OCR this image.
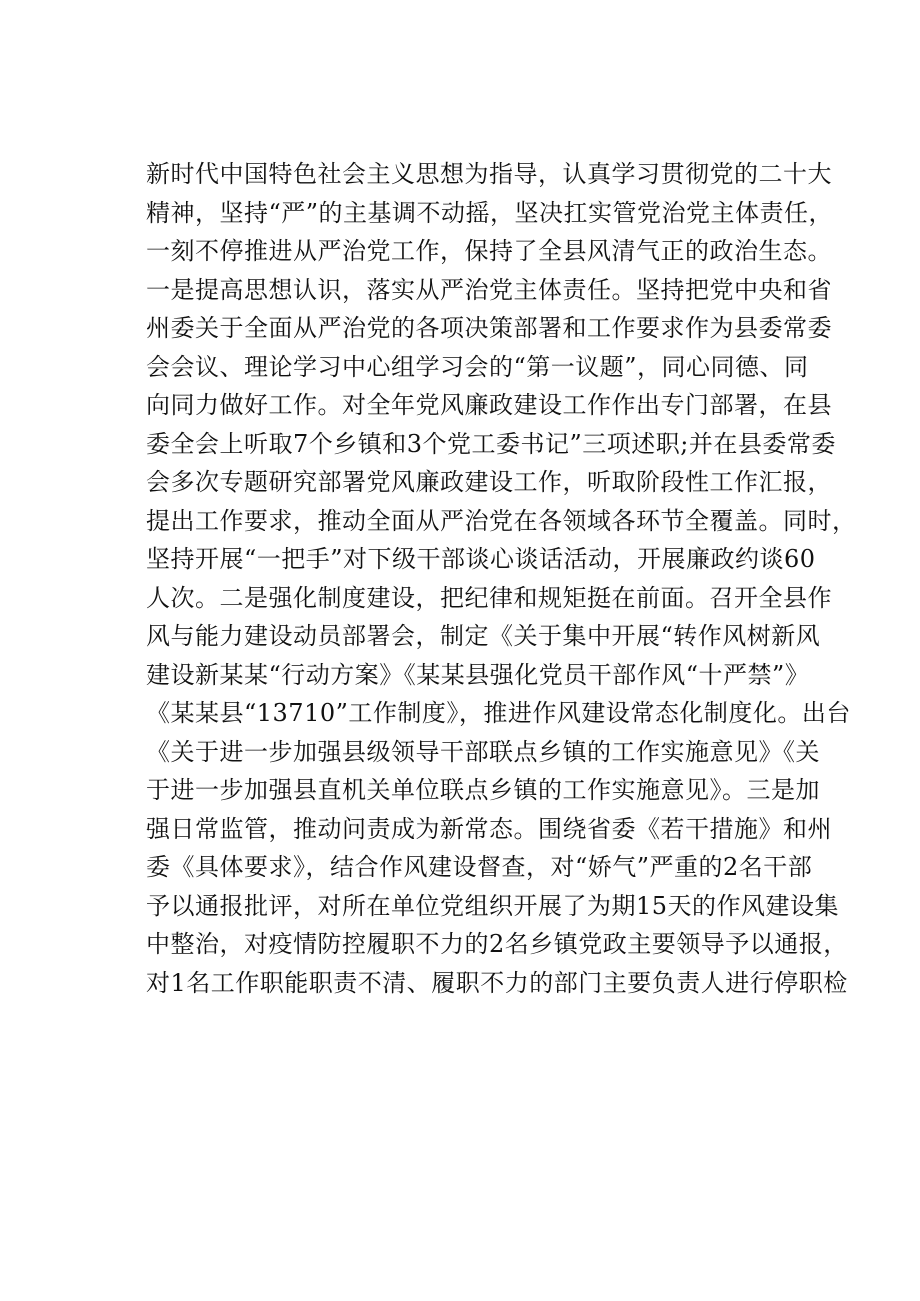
新时代中国特色社会主义思想为指导，认真学习贯彻党的二十大
精神，坚持“严”的主基调不动摇，坚决扛实管党治党主体责任，
一刻不停推进从严治党工作，保持了全县风清气正的政治生态。
一是提高思想认识，落实从严治党主体责任。坚持把党中央和省
州委关于全面从严治党的各项决策部署和工作要求作为县委常委
会会议、理论学习中心组学习会的“第一议题”，同心同德、同
向同力做好工作。对全年党风廉政建设工作作出专门部署，在县
委全会上听取7个乡镇和3个党工委书记”三项述职;并在县委常委
会多次专题研究部署党风廉政建设工作，听取阶段性工作汇报，
提出工作要求，推动全面从严治党在各领域各环节全覆盖。同时，
坚持开展“一把手”对下级干部谈心谈话活动，开展廉政约谈60
人次。二是强化制度建设，把纪律和规矩挺在前面。召开全县作
风与能力建设动员部署会，制定《关于集中开展“转作风树新风
建设新某某“行动方案》《某某县强化党员干部作风“十严禁”》
《某某县“13710”工作制度》，推进作风建设常态化制度化。出台
《关于进一步加强县级领导干部联点乡镇的工作实施意见》《关
于进一步加强县直机关单位联点乡镇的工作实施意见》。三是加
强日常监管，推动问责成为新常态。围绕省委《若干措施》和州
委《具体要求》，结合作风建设督查，对“娇气”严重的2名干部
予以通报批评，对所在单位党组织开展了为期15天的作风建设集
中整治，对疫情防控履职不力的2名乡镇党政主要领导予以通报，
对1名工作职能职责不清、履职不力的部门主要负责人进行停职检
